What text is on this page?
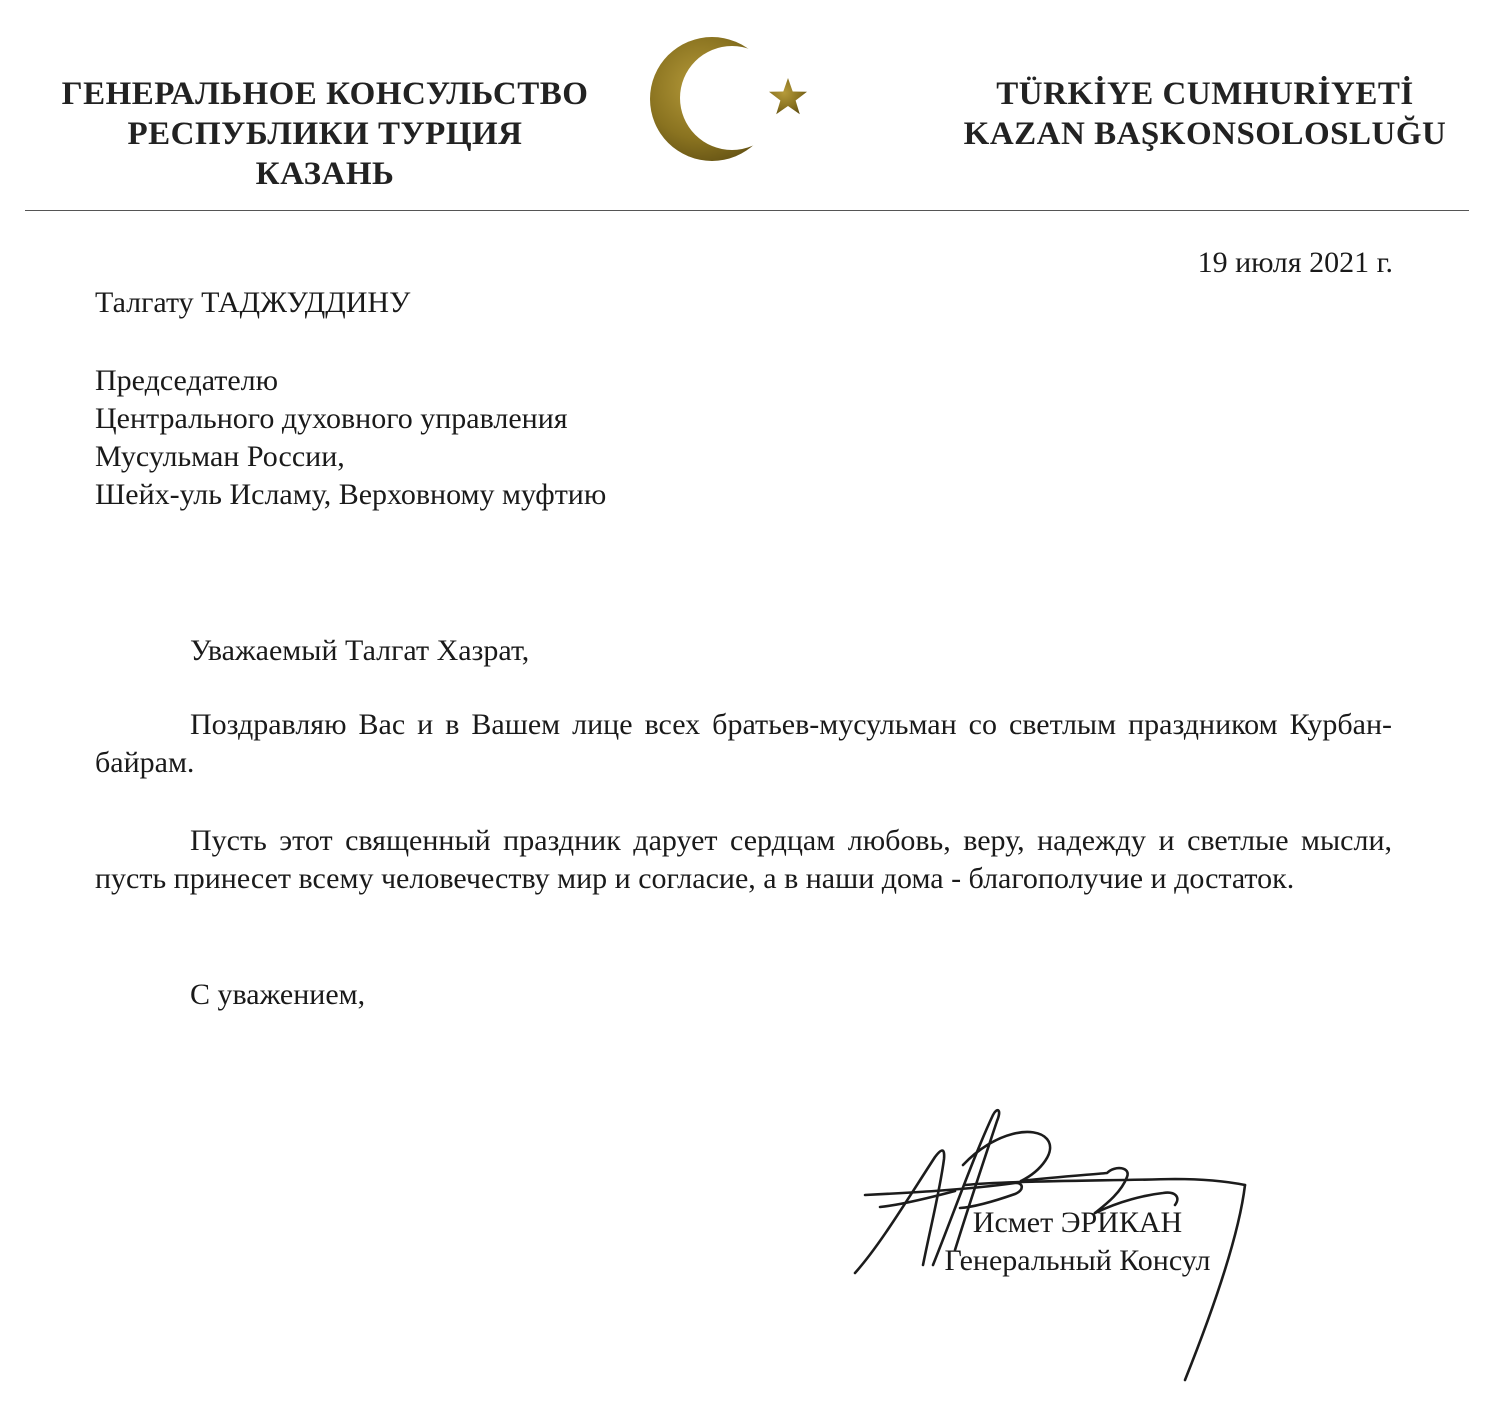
ГЕНЕРАЛЬНОЕ КОНСУЛЬСТВО
РЕСПУБЛИКИ ТУРЦИЯ
КАЗАНЬ
TÜRKİYE CUMHURİYETİ
KAZAN BAŞKONSOLOSLUĞU
19 июля 2021 г.
Талгату ТАДЖУДДИНУ
Председателю
Центрального духовного управления
Мусульман России,
Шейх-уль Исламу, Верховному муфтию
Уважаемый Талгат Хазрат,
Поздравляю Вас и в Вашем лице всех братьев-мусульман со светлым праздником Курбан-байрам.
Пусть этот священный праздник дарует сердцам любовь, веру, надежду и светлые мысли, пусть принесет всему человечеству мир и согласие, а в наши дома - благополучие и достаток.
С уважением,
Исмет ЭРИКАН
Генеральный Консул
